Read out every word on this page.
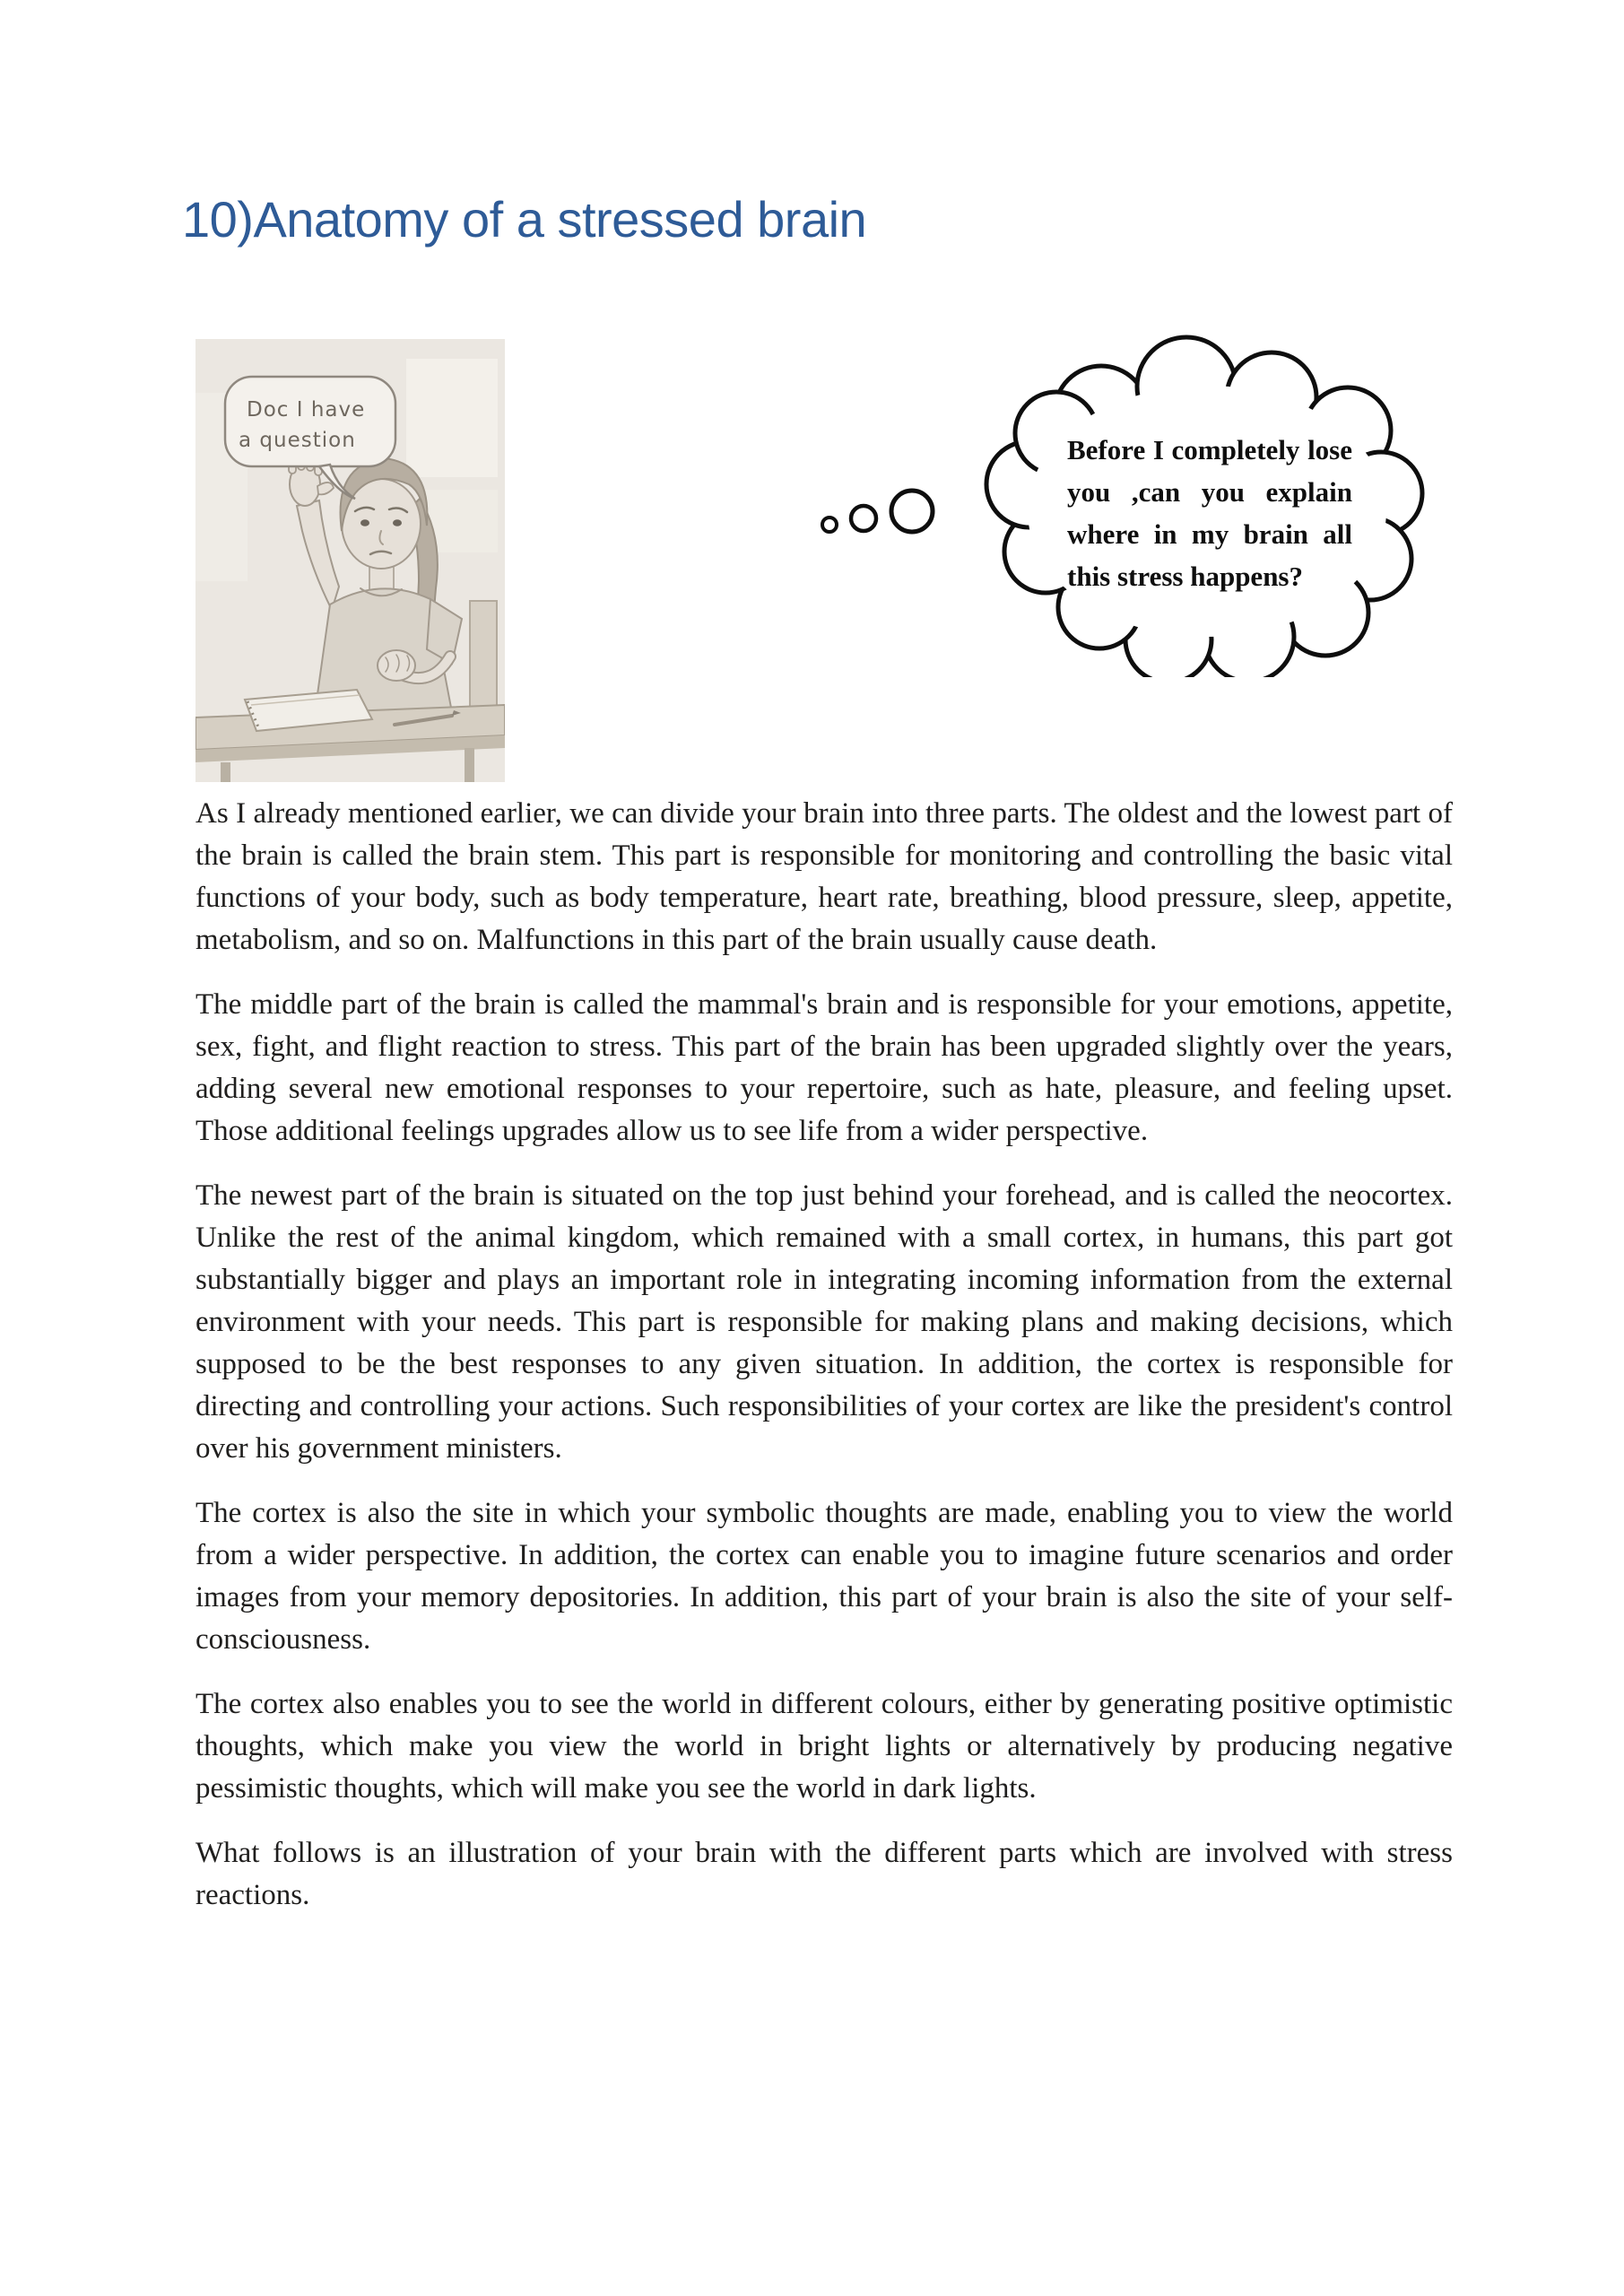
10)Anatomy of a stressed brain
Doc I have
a question	Before I completely lose you ,can you explain where in my brain all this stress happens?

As I already mentioned earlier, we can divide your brain into three parts. The oldest and the lowest part of the brain is called the brain stem. This part is responsible for monitoring and controlling the basic vital functions of your body, such as body temperature, heart rate, breathing, blood pressure, sleep, appetite, metabolism, and so on. Malfunctions in this part of the brain usually cause death.

The middle part of the brain is called the mammal's brain and is responsible for your emotions, appetite, sex, fight, and flight reaction to stress. This part of the brain has been upgraded slightly over the years, adding several new emotional responses to your repertoire, such as hate, pleasure, and feeling upset. Those additional feelings upgrades allow us to see life from a wider perspective.

The newest part of the brain is situated on the top just behind your forehead, and is called the neocortex. Unlike the rest of the animal kingdom, which remained with a small cortex, in humans, this part got substantially bigger and plays an important role in integrating incoming information from the external environment with your needs. This part is responsible for making plans and making decisions, which supposed to be the best responses to any given situation. In addition, the cortex is responsible for directing and controlling your actions. Such responsibilities of your cortex are like the president's control over his government ministers.

The cortex is also the site in which your symbolic thoughts are made, enabling you to view the world from a wider perspective. In addition, the cortex can enable you to imagine future scenarios and order images from your memory depositories. In addition, this part of your brain is also the site of your self-consciousness.

The cortex also enables you to see the world in different colours, either by generating positive optimistic thoughts, which make you view the world in bright lights or alternatively by producing negative pessimistic thoughts, which will make you see the world in dark lights.

What follows is an illustration of your brain with the different parts which are involved with stress reactions.
